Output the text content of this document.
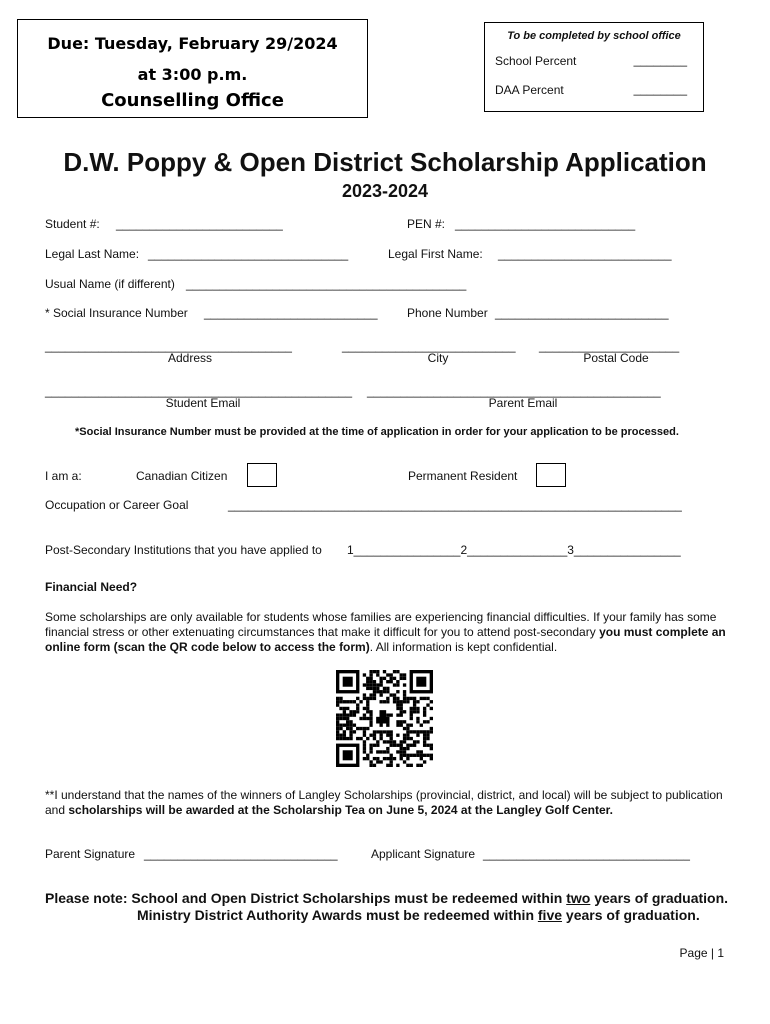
Due: Tuesday, February 29/2024
at 3:00 p.m.
Counselling Office
To be completed by school office
School Percent	________
DAA Percent	________
D.W. Poppy & Open District Scholarship Application
2023-2024
Student #: _________________________	PEN #: ___________________________
Legal Last Name: ______________________________	Legal First Name: __________________________
Usual Name (if different) __________________________________________
* Social Insurance Number __________________________ Phone Number __________________________
_____________________________________	__________________________ _____________________
Address	City	Postal Code
______________________________________________ ____________________________________________
Student Email	Parent Email
*Social Insurance Number must be provided at the time of application in order for your application to be processed.
I am a:	Canadian Citizen	Permanent Resident
Occupation or Career Goal	____________________________________________________________________
Post-Secondary Institutions that you have applied to 1________________2_______________3________________
Financial Need?
Some scholarships are only available for students whose families are experiencing financial difficulties. If your family has some financial stress or other extenuating circumstances that make it difficult for you to attend post-secondary you must complete an online form (scan the QR code below to access the form). All information is kept confidential.
**I understand that the names of the winners of Langley Scholarships (provincial, district, and local) will be subject to publication and scholarships will be awarded at the Scholarship Tea on June 5, 2024 at the Langley Golf Center.
Parent Signature _____________________________	Applicant Signature _______________________________
Please note: School and Open District Scholarships must be redeemed within two years of graduation.
Ministry District Authority Awards must be redeemed within five years of graduation.
Page | 1
